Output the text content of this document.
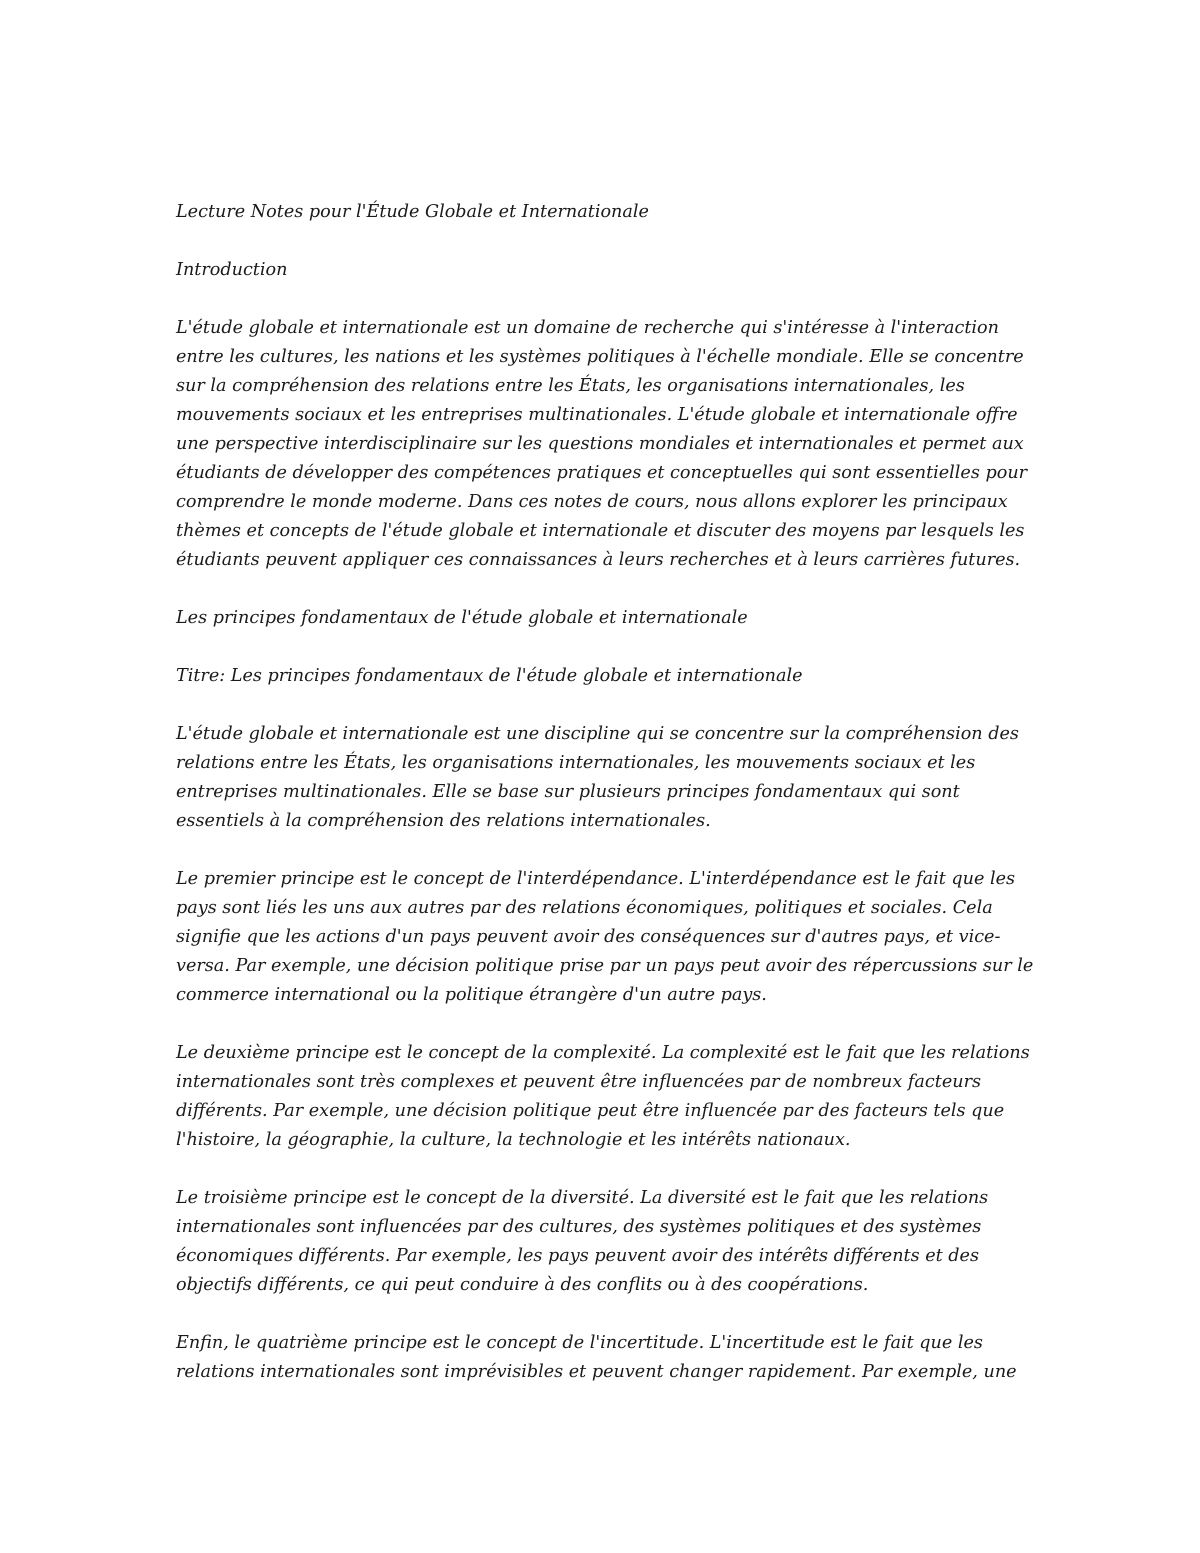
Lecture Notes pour l'Étude Globale et Internationale

Introduction

L'étude globale et internationale est un domaine de recherche qui s'intéresse à l'interaction entre les cultures, les nations et les systèmes politiques à l'échelle mondiale. Elle se concentre sur la compréhension des relations entre les États, les organisations internationales, les mouvements sociaux et les entreprises multinationales. L'étude globale et internationale offre une perspective interdisciplinaire sur les questions mondiales et internationales et permet aux étudiants de développer des compétences pratiques et conceptuelles qui sont essentielles pour comprendre le monde moderne. Dans ces notes de cours, nous allons explorer les principaux thèmes et concepts de l'étude globale et internationale et discuter des moyens par lesquels les étudiants peuvent appliquer ces connaissances à leurs recherches et à leurs carrières futures.

Les principes fondamentaux de l'étude globale et internationale

Titre: Les principes fondamentaux de l'étude globale et internationale

L'étude globale et internationale est une discipline qui se concentre sur la compréhension des relations entre les États, les organisations internationales, les mouvements sociaux et les entreprises multinationales. Elle se base sur plusieurs principes fondamentaux qui sont essentiels à la compréhension des relations internationales.

Le premier principe est le concept de l'interdépendance. L'interdépendance est le fait que les pays sont liés les uns aux autres par des relations économiques, politiques et sociales. Cela signifie que les actions d'un pays peuvent avoir des conséquences sur d'autres pays, et vice-versa. Par exemple, une décision politique prise par un pays peut avoir des répercussions sur le commerce international ou la politique étrangère d'un autre pays.

Le deuxième principe est le concept de la complexité. La complexité est le fait que les relations internationales sont très complexes et peuvent être influencées par de nombreux facteurs différents. Par exemple, une décision politique peut être influencée par des facteurs tels que l'histoire, la géographie, la culture, la technologie et les intérêts nationaux.

Le troisième principe est le concept de la diversité. La diversité est le fait que les relations internationales sont influencées par des cultures, des systèmes politiques et des systèmes économiques différents. Par exemple, les pays peuvent avoir des intérêts différents et des objectifs différents, ce qui peut conduire à des conflits ou à des coopérations.

Enfin, le quatrième principe est le concept de l'incertitude. L'incertitude est le fait que les relations internationales sont imprévisibles et peuvent changer rapidement. Par exemple, une
